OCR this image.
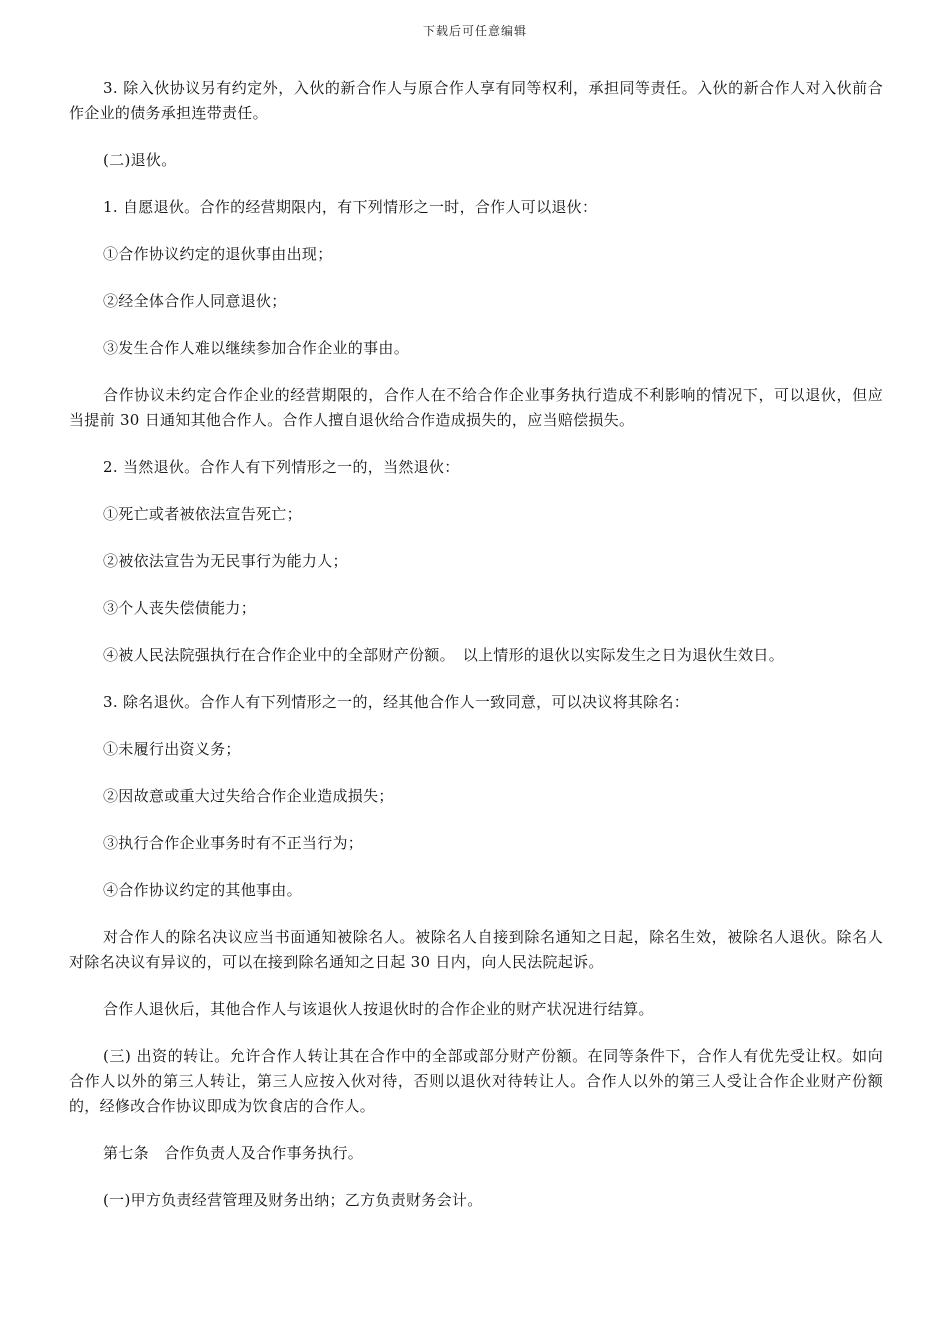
下载后可任意编辑

3. 除入伙协议另有约定外，入伙的新合作人与原合作人享有同等权利，承担同等责任。入伙的新合作人对入伙前合作企业的债务承担连带责任。

(二)退伙。

1. 自愿退伙。合作的经营期限内，有下列情形之一时，合作人可以退伙：

①合作协议约定的退伙事由出现；

②经全体合作人同意退伙；

③发生合作人难以继续参加合作企业的事由。

合作协议未约定合作企业的经营期限的，合作人在不给合作企业事务执行造成不利影响的情况下，可以退伙，但应当提前 30 日通知其他合作人。合作人擅自退伙给合作造成损失的，应当赔偿损失。

2. 当然退伙。合作人有下列情形之一的，当然退伙：

①死亡或者被依法宣告死亡；

②被依法宣告为无民事行为能力人；

③个人丧失偿债能力；

④被人民法院强执行在合作企业中的全部财产份额。　以上情形的退伙以实际发生之日为退伙生效日。

3. 除名退伙。合作人有下列情形之一的，经其他合作人一致同意，可以决议将其除名：

①未履行出资义务；

②因故意或重大过失给合作企业造成损失；

③执行合作企业事务时有不正当行为；

④合作协议约定的其他事由。

对合作人的除名决议应当书面通知被除名人。被除名人自接到除名通知之日起，除名生效，被除名人退伙。除名人对除名决议有异议的，可以在接到除名通知之日起 30 日内，向人民法院起诉。

合作人退伙后，其他合作人与该退伙人按退伙时的合作企业的财产状况进行结算。

(三) 出资的转让。允许合作人转让其在合作中的全部或部分财产份额。在同等条件下，合作人有优先受让权。如向合作人以外的第三人转让，第三人应按入伙对待，否则以退伙对待转让人。合作人以外的第三人受让合作企业财产份额的，经修改合作协议即成为饮食店的合作人。

第七条　合作负责人及合作事务执行。

(一)甲方负责经营管理及财务出纳；乙方负责财务会计。
